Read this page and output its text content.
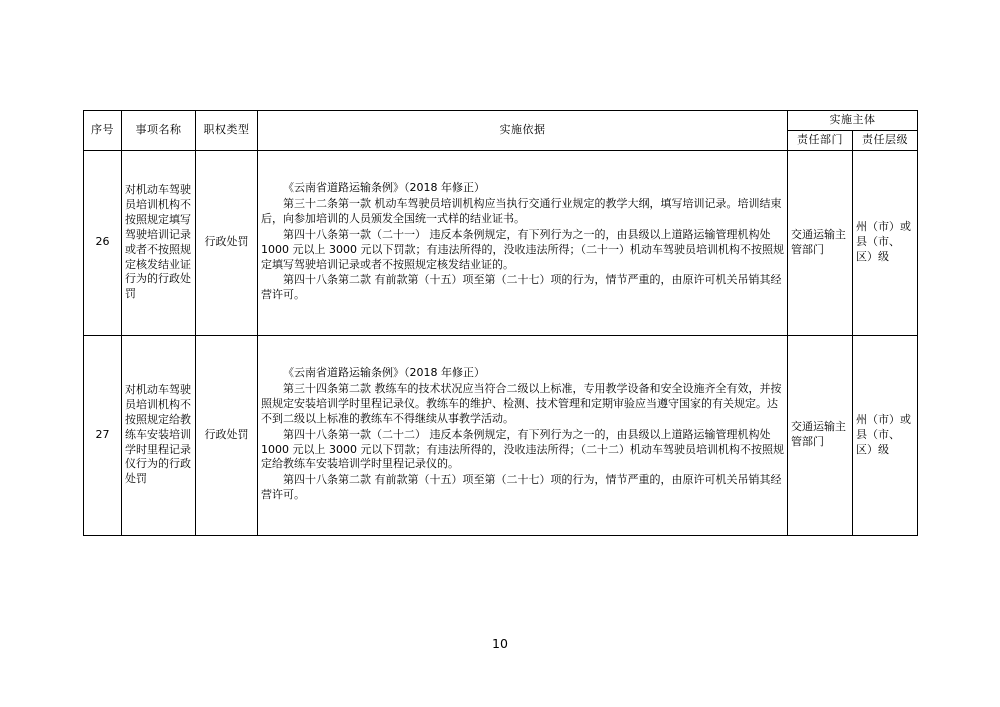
序号	事项名称	职权类型	实施依据	实施主体	
				责任部门	责任层级
26	对机动车驾驶员培训机构不按照规定填写驾驶培训记录或者不按照规定核发结业证行为的行政处罚	行政处罚	《云南省道路运输条例》（2018 年修正）

第三十二条第一款 机动车驾驶员培训机构应当执行交通行业规定的教学大纲，填写培训记录。培训结束后，向参加培训的人员颁发全国统一式样的结业证书。

第四十八条第一款（二十一） 违反本条例规定，有下列行为之一的，由县级以上道路运输管理机构处 1000 元以上 3000 元以下罚款；有违法所得的，没收违法所得；（二十一）机动车驾驶员培训机构不按照规定填写驾驶培训记录或者不按照规定核发结业证的。

第四十八条第二款 有前款第（十五）项至第（二十七）项的行为，情节严重的，由原许可机关吊销其经营许可。	交通运输主管部门	州（市）或县（市、区）级
27	对机动车驾驶员培训机构不按照规定给教练车安装培训学时里程记录仪行为的行政处罚	行政处罚	《云南省道路运输条例》（2018 年修正）

第三十四条第二款 教练车的技术状况应当符合二级以上标准，专用教学设备和安全设施齐全有效，并按照规定安装培训学时里程记录仪。教练车的维护、检测、技术管理和定期审验应当遵守国家的有关规定。达不到二级以上标准的教练车不得继续从事教学活动。

第四十八条第一款（二十二） 违反本条例规定，有下列行为之一的，由县级以上道路运输管理机构处 1000 元以上 3000 元以下罚款；有违法所得的，没收违法所得；（二十二）机动车驾驶员培训机构不按照规定给教练车安装培训学时里程记录仪的。

第四十八条第二款 有前款第（十五）项至第（二十七）项的行为，情节严重的，由原许可机关吊销其经营许可。	交通运输主管部门	州（市）或县（市、区）级
10
